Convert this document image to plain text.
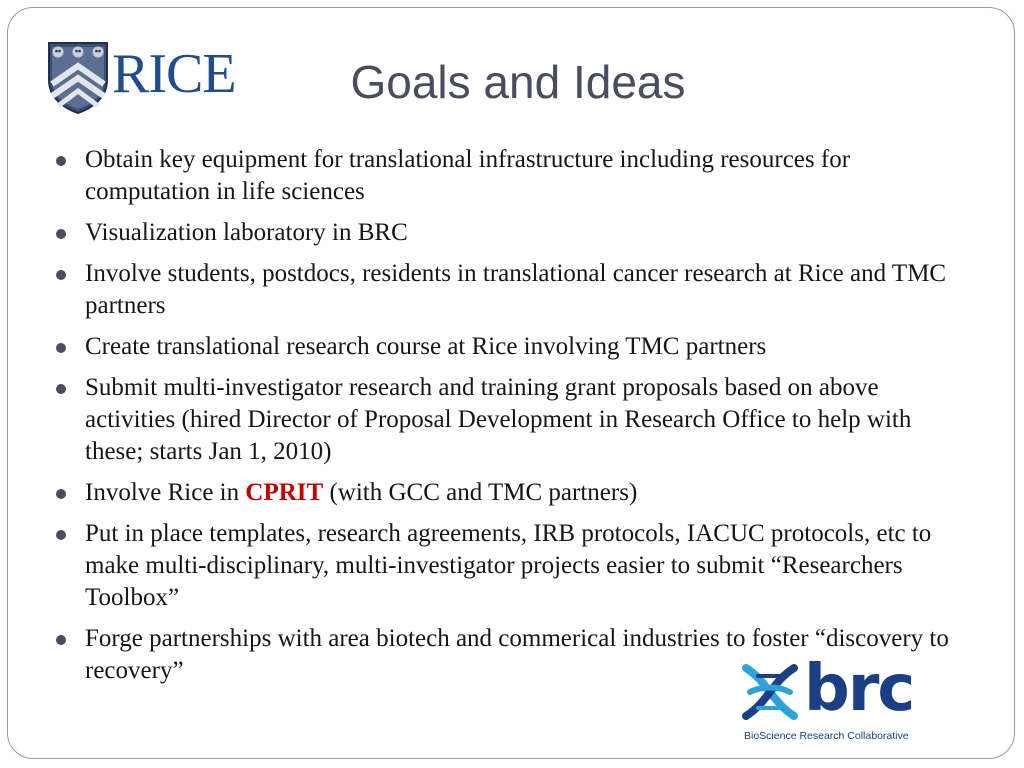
RICE	Goals and Ideas
Obtain key equipment for translational infrastructure including resources for computation in life sciences
Visualization laboratory in BRC
Involve students, postdocs, residents in translational cancer research at Rice and TMC partners
Create translational research course at Rice involving TMC partners
Submit multi-investigator research and training grant proposals based on above activities (hired Director of Proposal Development in Research Office to help with these; starts Jan 1, 2010)
Involve Rice in CPRIT (with GCC and TMC partners)
Put in place templates, research agreements, IRB protocols, IACUC protocols, etc to make multi-disciplinary, multi-investigator projects easier to submit “Researchers Toolbox”
Forge partnerships with area biotech and commerical industries to foster “discovery to recovery”	brc
BioScience Research Collaborative
